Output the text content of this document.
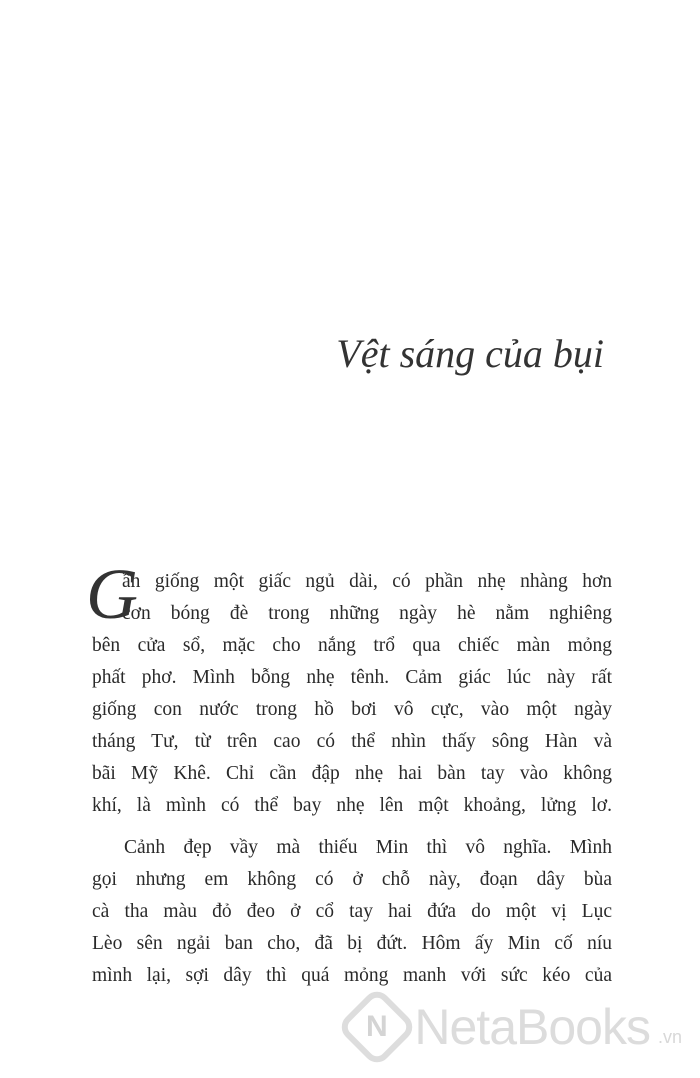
Vệt sáng của bụi
G
ần giống một giấc ngủ dài, có phần nhẹ nhàng hơn
cơn bóng đè trong những ngày hè nằm nghiêng
bên cửa sổ, mặc cho nắng trổ qua chiếc màn mỏng
phất phơ. Mình bỗng nhẹ tênh. Cảm giác lúc này rất
giống con nước trong hồ bơi vô cực, vào một ngày
tháng Tư, từ trên cao có thể nhìn thấy sông Hàn và
bãi Mỹ Khê. Chỉ cần đập nhẹ hai bàn tay vào không
khí, là mình có thể bay nhẹ lên một khoảng, lửng lơ.
Cảnh đẹp vầy mà thiếu Min thì vô nghĩa. Mình
gọi nhưng em không có ở chỗ này, đoạn dây bùa
cà tha màu đỏ đeo ở cổ tay hai đứa do một vị Lục
Lèo sên ngải ban cho, đã bị đứt. Hôm ấy Min cố níu
mình lại, sợi dây thì quá mỏng manh với sức kéo của
N NetaBooks .vn
